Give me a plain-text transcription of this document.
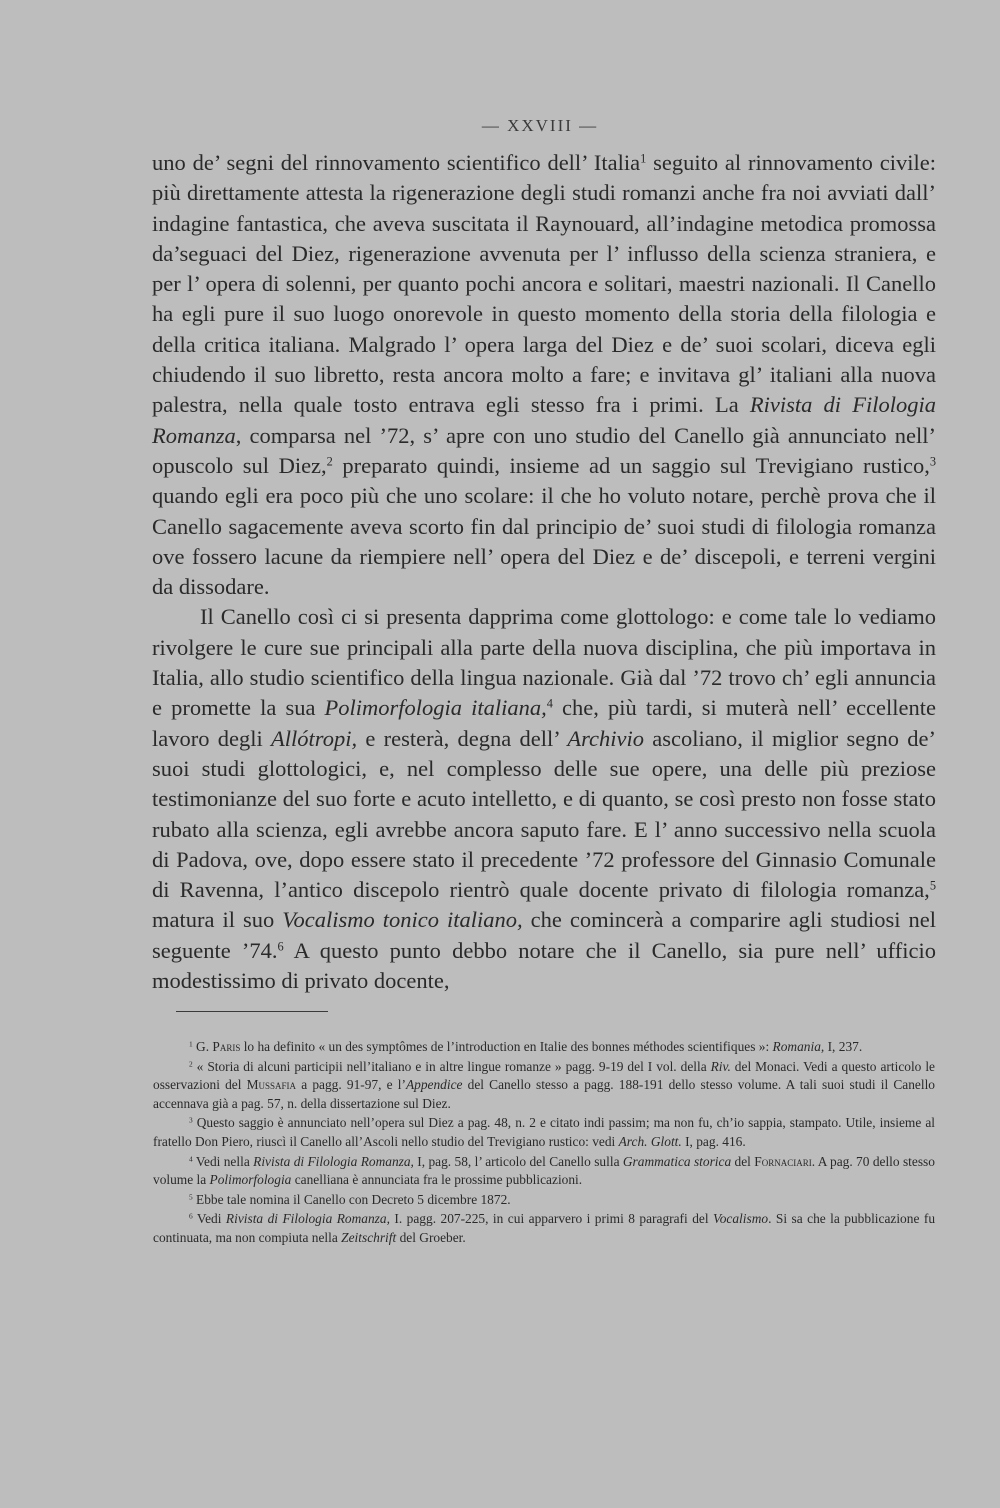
— XXVIII —

uno de’ segni del rinnovamento scientifico dell’ Italia$^1$ seguito al rinnovamento civile: più direttamente attesta la rigenerazione degli studi romanzi anche fra noi avviati dall’ indagine fantastica, che aveva suscitata il Raynouard, all’indagine metodica promossa da’seguaci del Diez, rigenerazione avvenuta per l’ influsso della scienza straniera, e per l’ opera di solenni, per quanto pochi ancora e solitari, maestri nazionali. Il Canello ha egli pure il suo luogo onorevole in questo momento della storia della filologia e della critica italiana. Malgrado l’ opera larga del Diez e de’ suoi scolari, diceva egli chiudendo il suo libretto, resta ancora molto a fare; e invitava gl’ italiani alla nuova palestra, nella quale tosto entrava egli stesso fra i primi. La Rivista di Filologia Romanza, comparsa nel ’72, s’ apre con uno studio del Canello già annunciato nell’ opuscolo sul Diez,$^2$ preparato quindi, insieme ad un saggio sul Trevigiano rustico,$^3$ quando egli era poco più che uno scolare: il che ho voluto notare, perchè prova che il Canello sagacemente aveva scorto fin dal principio de’ suoi studi di filologia romanza ove fossero lacune da riempiere nell’ opera del Diez e de’ discepoli, e terreni vergini da dissodare.

Il Canello così ci si presenta dapprima come glottologo: e come tale lo vediamo rivolgere le cure sue principali alla parte della nuova disciplina, che più importava in Italia, allo studio scientifico della lingua nazionale. Già dal ’72 trovo ch’ egli annuncia e promette la sua Polimorfologia italiana,$^4$ che, più tardi, si muterà nell’ eccellente lavoro degli Allótropi, e resterà, degna dell’ Archivio ascoliano, il miglior segno de’ suoi studi glottologici, e, nel complesso delle sue opere, una delle più preziose testimonianze del suo forte e acuto intelletto, e di quanto, se così presto non fosse stato rubato alla scienza, egli avrebbe ancora saputo fare. E l’ anno successivo nella scuola di Padova, ove, dopo essere stato il precedente ’72 professore del Ginnasio Comunale di Ravenna, l’antico discepolo rientrò quale docente privato di filologia romanza,$^5$ matura il suo Vocalismo tonico italiano, che comincerà a comparire agli studiosi nel seguente ’74.$^6$ A questo punto debbo notare che il Canello, sia pure nell’ ufficio modestissimo di privato docente,

$^1$ G. Paris lo ha definito « un des symptômes de l’introduction en Italie des bonnes méthodes scientifiques »: Romania, I, 237.

$^2$ « Storia di alcuni participii nell’italiano e in altre lingue romanze » pagg. 9-19 del I vol. della Riv. del Monaci. Vedi a questo articolo le osservazioni del Mussafia a pagg. 91-97, e l’Appendice del Canello stesso a pagg. 188-191 dello stesso volume. A tali suoi studi il Canello accennava già a pag. 57, n. della dissertazione sul Diez.

$^3$ Questo saggio è annunciato nell’opera sul Diez a pag. 48, n. 2 e citato indi passim; ma non fu, ch’io sappia, stampato. Utile, insieme al fratello Don Piero, riuscì il Canello all’Ascoli nello studio del Trevigiano rustico: vedi Arch. Glott. I, pag. 416.

$^4$ Vedi nella Rivista di Filologia Romanza, I, pag. 58, l’ articolo del Canello sulla Grammatica storica del Fornaciari. A pag. 70 dello stesso volume la Polimorfologia canelliana è annunciata fra le prossime pubblicazioni.

$^5$ Ebbe tale nomina il Canello con Decreto 5 dicembre 1872.

$^6$ Vedi Rivista di Filologia Romanza, I. pagg. 207-225, in cui apparvero i primi 8 paragrafi del Vocalismo. Si sa che la pubblicazione fu continuata, ma non compiuta nella Zeitschrift del Groeber.
